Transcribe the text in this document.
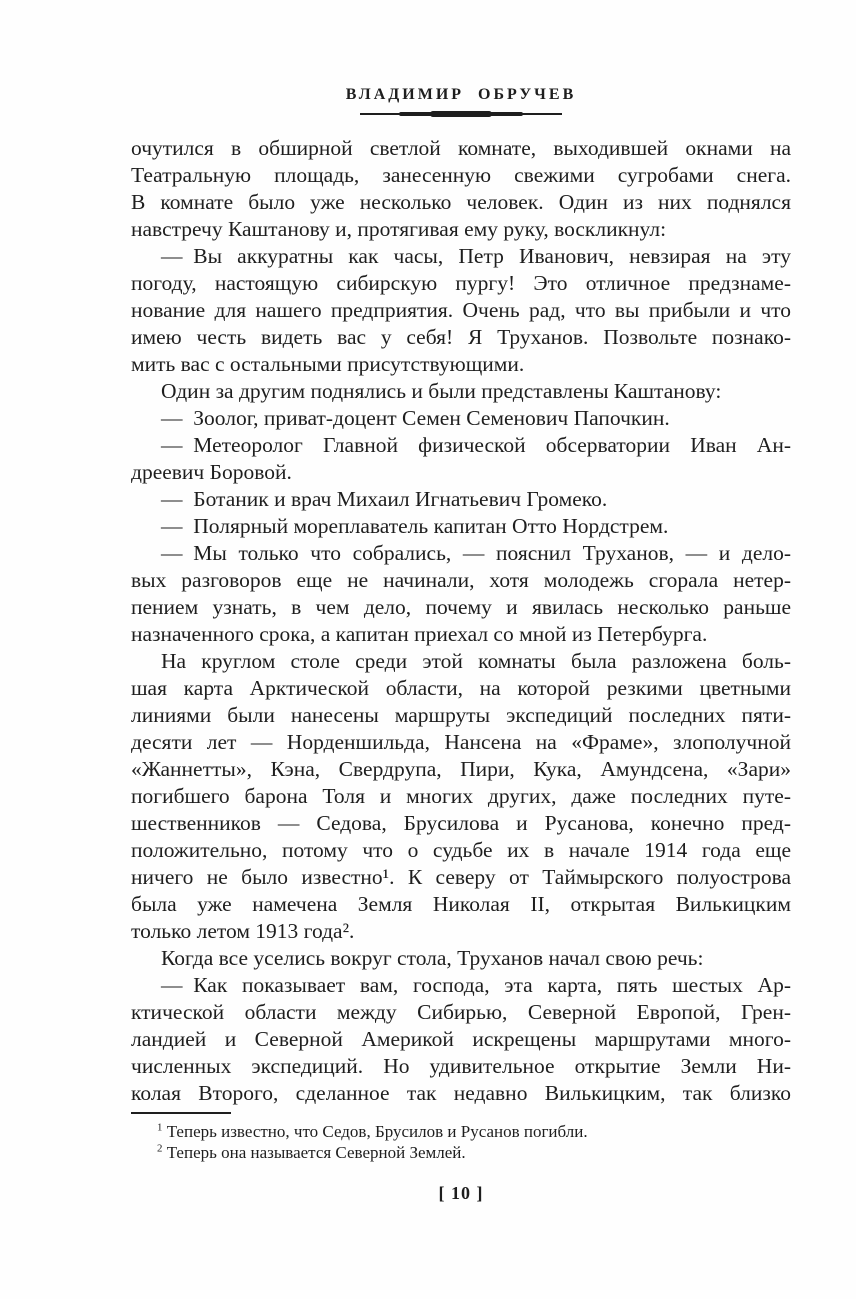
ВЛАДИМИР ОБРУЧЕВ
очутился в обширной светлой комнате, выходившей окнами на
Театральную площадь, занесенную свежими сугробами снега.
В комнате было уже несколько человек. Один из них поднялся
навстречу Каштанову и, протягивая ему руку, воскликнул:
— Вы аккуратны как часы, Петр Иванович, невзирая на эту
погоду, настоящую сибирскую пургу! Это отличное предзнаме-
нование для нашего предприятия. Очень рад, что вы прибыли и что
имею честь видеть вас у себя! Я Труханов. Позвольте познако-
мить вас с остальными присутствующими.
Один за другим поднялись и были представлены Каштанову:
— Зоолог, приват-доцент Семен Семенович Папочкин.
— Метеоролог Главной физической обсерватории Иван Ан-
дреевич Боровой.
— Ботаник и врач Михаил Игнатьевич Громеко.
— Полярный мореплаватель капитан Отто Нордстрем.
— Мы только что собрались, — пояснил Труханов, — и дело-
вых разговоров еще не начинали, хотя молодежь сгорала нетер-
пением узнать, в чем дело, почему и явилась несколько раньше
назначенного срока, а капитан приехал со мной из Петербурга.
На круглом столе среди этой комнаты была разложена боль-
шая карта Арктической области, на которой резкими цветными
линиями были нанесены маршруты экспедиций последних пяти-
десяти лет — Норденшильда, Нансена на «Фраме», злополучной
«Жаннетты», Кэна, Свердрупа, Пири, Кука, Амундсена, «Зари»
погибшего барона Толя и многих других, даже последних путе-
шественников — Седова, Брусилова и Русанова, конечно пред-
положительно, потому что о судьбе их в начале 1914 года еще
ничего не было известно¹. К северу от Таймырского полуострова
была уже намечена Земля Николая II, открытая Вилькицким
только летом 1913 года².
Когда все уселись вокруг стола, Труханов начал свою речь:
— Как показывает вам, господа, эта карта, пять шестых Ар-
ктической области между Сибирью, Северной Европой, Грен-
ландией и Северной Америкой искрещены маршрутами много-
численных экспедиций. Но удивительное открытие Земли Ни-
колая Второго, сделанное так недавно Вилькицким, так близко
$^1$ Теперь известно, что Седов, Брусилов и Русанов погибли.
$^2$ Теперь она называется Северной Землей.
[ 10 ]
